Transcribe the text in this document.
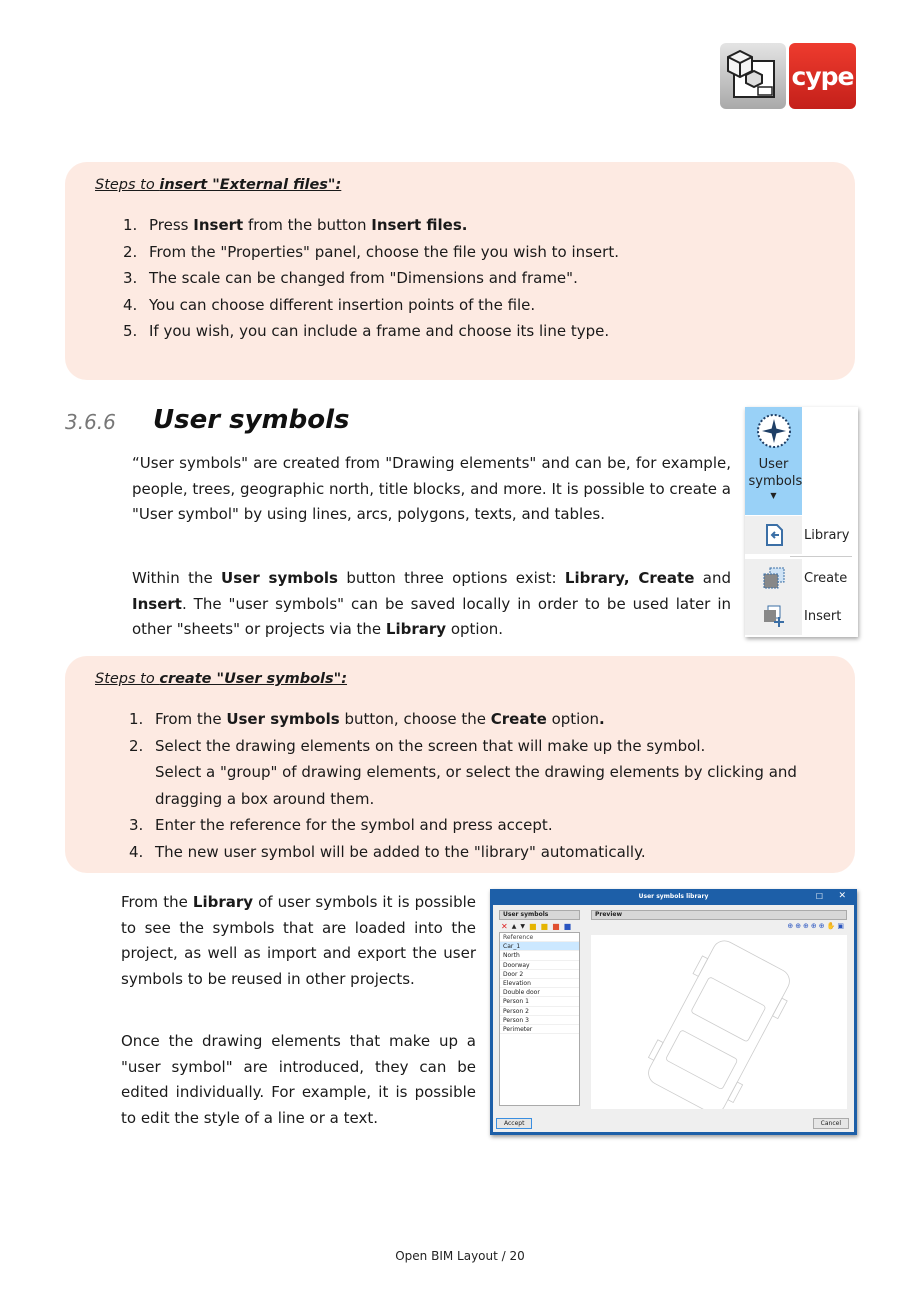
cype
Steps to insert "External files":
1. Press Insert from the button Insert files.
2. From the "Properties" panel, choose the file you wish to insert.
3. The scale can be changed from "Dimensions and frame".
4. You can choose different insertion points of the file.
5. If you wish, you can include a frame and choose its line type.
3.6.6 User symbols
“User symbols" are created from "Drawing elements" and can be, for example, people, trees, geographic north, title blocks, and more. It is possible to create a "User symbol" by using lines, arcs, polygons, texts, and tables.
Within the User symbols button three options exist: Library, Create and Insert. The "user symbols" can be saved locally in order to be used later in other "sheets" or projects via the Library option.
User symbols
▼
Library
Create
Insert
Steps to create "User symbols":
1. From the User symbols button, choose the Create option.
2. Select the drawing elements on the screen that will make up the symbol.
Select a "group" of drawing elements, or select the drawing elements by clicking and dragging a box around them.
3. Enter the reference for the symbol and press accept.
4. The new user symbol will be added to the "library" automatically.
From the Library of user symbols it is possible to see the symbols that are loaded into the project, as well as import and export the user symbols to be reused in other projects.
Once the drawing elements that make up a "user symbol" are introduced, they can be edited individually. For example, it is possible to edit the style of a line or a text.
User symbols library	☐ ✕
User symbols	Preview
✕ ▲ ▼ ■ ■ ■ ■	⊕⊕⊕⊕⊕✋▣
Reference
Car_1
North
Doorway
Door 2
Elevation
Double door
Person 1
Person 2
Person 3
Perimeter
Accept	Cancel
Open BIM Layout / 20
